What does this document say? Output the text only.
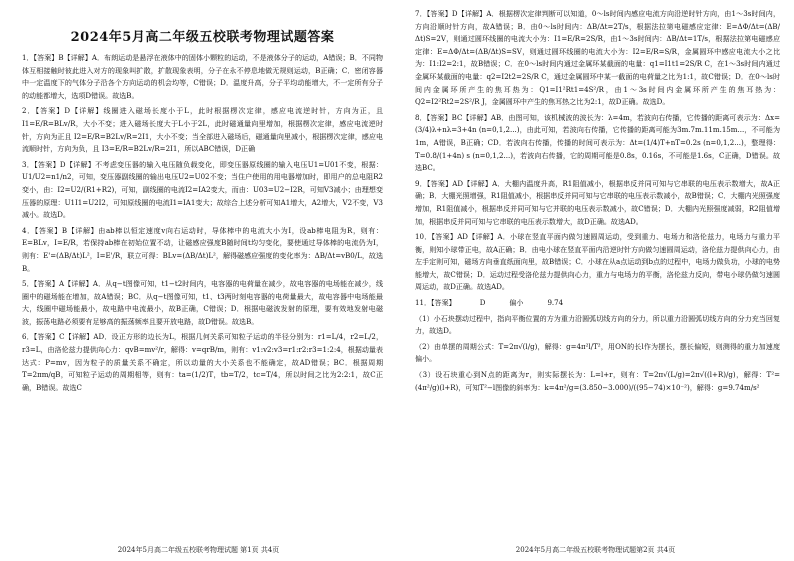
2024年5月高二年级五校联考物理试题答案

1．【答案】B【详解】A．布朗运动是悬浮在液体中的固体小颗粒的运动，不是液体分子的运动，A错误；B．不同物体互相接触时彼此进入对方的现象叫扩散，扩散现象表明，分子在永不停息地做无规则运动，B正确；C．密闭容器中一定温度下的气体分子沿各个方向运动的机会均等，C错误；D．温度升高，分子平均动能增大，不一定所有分子的动能都增大，选项D错误。故选B。

2．【答案】D【详解】线圈进入磁场长度小于L，此时根据楞次定律，感应电流逆时针，方向为正，且 I1=E/R=BLv/R，大小不变；进入磁场长度大于L小于2L，此时磁通量向里增加，根据楞次定律，感应电流逆时针，方向为正且 I2=E/R=B2Lv/R=2I1，大小不变；当全部进入磁场后，磁通量向里减小，根据楞次定律，感应电流顺时针，方向为负，且 I3=E/R=B2Lv/R=2I1，所以ABC错误，D正确

3．【答案】D【详解】不考虑变压器的输入电压随负载变化，即变压器原线圈的输入电压U1=U01不变，根据：U1/U2=n1/n2，可知，变压器副线圈的输出电压U2=U02不变；当住户使用的用电器增加时，即用户的总电阻R2变小，由：I2=U2/(R1+R2)，可知，副线圈的电流I2=IA2变大，而由：U03=U2−I2R，可知V3减小；由理想变压器的原理：U1I1=U2I2，可知原线圈的电流I1=IA1变大；故综合上述分析可知A1增大，A2增大，V2不变，V3减小。故选D。

4．【答案】B【详解】由ab棒以恒定速度v向右运动时，导体棒中的电流大小为I，设ab棒电阻为R，则有：E=BLv，I=E/R，若保持ab棒在初始位置不动，让磁感应强度B随时间t均匀变化，要使通过导体棒的电流仍为I，则有：E'=(ΔB/Δt)L²，I=E'/R，联立可得：BLv=(ΔB/Δt)L²，解得磁感应强度的变化率为：ΔB/Δt=vB0/L，故选B。

5．【答案】A【详解】A．从q−t图像可知，t1−t2时间内，电容器的电荷量在减少，故电容器的电场能在减少，线圈中的磁场能在增加，故A错误；BC．从q−t图像可知，t1、t3两时刻电容器的电荷量最大，故电容器中电场能最大，线圈中磁场能最小，故电路中电流最小，故B正确，C错误；D．根据电磁波发射的原理，要有效地发射电磁波，振荡电路必须要有足够高的振荡频率且要开放电路，故D错误。故选B。

6．【答案】C【详解】AD．设正方形的边长为L，根据几何关系可知粒子运动的半径分别为：r1=L/4，r2=L/2，r3=L，由洛伦兹力提供向心力：qvB=mv²/r，解得：v=qrB/m，则有：v1:v2:v3=r1:r2:r3=1:2:4，根据动量表达式：P=mv，因为粒子的质量关系不确定，所以动量的大小关系也不能确定，故AD错误；BC．根据周期T=2πm/qB，可知粒子运动的周期相等，则有：ta=(1/2)T，tb=T/2，tc=T/4，所以时间之比为2:2:1，故C正确，B错误。故选C

2024年5月高二年级五校联考物理试题 第1页 共4页

7．【答案】D【详解】A．根据楞次定律判断可以知道，0～ls时间内感应电流方向沿逆时针方向，由1～3s时间内，方向沿顺时针方向，故A错误；B．由0～ls时间内：ΔB/Δt=2T/s，根据法拉第电磁感应定律：E=ΔΦ/Δt=(ΔB/Δt)S=2V，则通过圆环线圈的电流大小为：I1=E/R=2S/R，由1～3s时间内：ΔB/Δt=1T/s，根据法拉第电磁感应定律：E=ΔΦ/Δt=(ΔB/Δt)S=SV，则通过圆环线圈的电流大小为：I2=E/R=S/R，金属圆环中感应电流大小之比为：I1:I2=2:1，故B错误；C．在0～ls时间内通过金属环某截面的电量：q1=I1t1=2S/R C，在1～3s时间内通过金属环某截面的电量：q2=I2t2=2S/R C，通过金属圆环中某一截面的电荷量之比为1:1，故C错误；D．在0～ls时间内金属环所产生的焦耳热为：Q1=I1²Rt1=4S²/R，由1～3s时间内金属环所产生的焦耳热为：Q2=I2²Rt2=2S²/R J，金属圆环中产生的焦耳热之比为2:1，故D正确。故选D。

8．【答案】BC【详解】AB．由图可知，该机械波的波长为：λ=4m，若波向右传播，它传播的距离可表示为：Δx=(3/4)λ+nλ=3+4n (n=0,1,2...)，由此可知，若波向右传播，它传播的距离可能为3m.7m.11m.15m...，不可能为1m，A错误，B正确；CD．若波向右传播，传播的时间可表示为：Δt=(1/4)T+nT=0.2s (n=0,1,2...)，整理得：T=0.8/(1+4n) s (n=0,1,2...)，若波向右传播，它的周期可能是0.8s，0.16s，不可能是1.6s，C正确，D错误。故选BC。

9．【答案】AD【详解】A．大棚内温度升高，R1阻值减小，根据串反并同可知与它串联的电压表示数增大，故A正确；B．大棚光照增强，R1阻值减小，根据串反并同可知与它串联的电压表示数减小，故B错误；C．大棚内光照强度增加，R1阻值减小，根据串反并同可知与它并联的电压表示数减小，故C错误；D．大棚内光照强度减弱，R2阻值增加，根据串反并同可知与它串联的电压表示数增大，故D正确。故选AD。

10．【答案】AD【详解】A．小球在竖直平面内做匀速圆周运动，受到重力、电场力和洛伦兹力，电场力与重力平衡，则知小球带正电，故A正确；B．由电小球在竖直平面内沿逆时针方向做匀速圆周运动，洛伦兹力提供向心力，由左手定则可知，磁场方向垂直纸面向里，故B错误；C．小球在从a点运动到b点的过程中，电场力做负功，小球的电势能增大，故C错误；D．运动过程受洛伦兹力提供向心力，重力与电场力的平衡，洛伦兹力反向，带电小球仍做匀速圆周运动，故D正确。故选AD。

11．【答案】	D	偏小	9.74

（1）小石块摆动过程中，指向平衡位置的方为重力沿圆弧切线方向的分力，所以重力沿圆弧切线方向的分力充当回复力，故选D。

（2）由单摆的周期公式：T=2π√(l/g)，解得：g=4π²l/T²，用ON的长l作为摆长，摆长偏短，则测得的重力加速度偏小。

（3）设石块重心到N点的距离为r，则实际摆长为：L=l+r，则有：T=2π√(L/g)=2π√((l+R)/g)，解得：T²=(4π²/g)(l+R)，可知T²−l图像的斜率为：k=4π²/g=(3.850−3.000)/((95−74)×10⁻²)，解得：g=9.74m/s²

2024年5月高二年级五校联考物理试题第2页 共4页
